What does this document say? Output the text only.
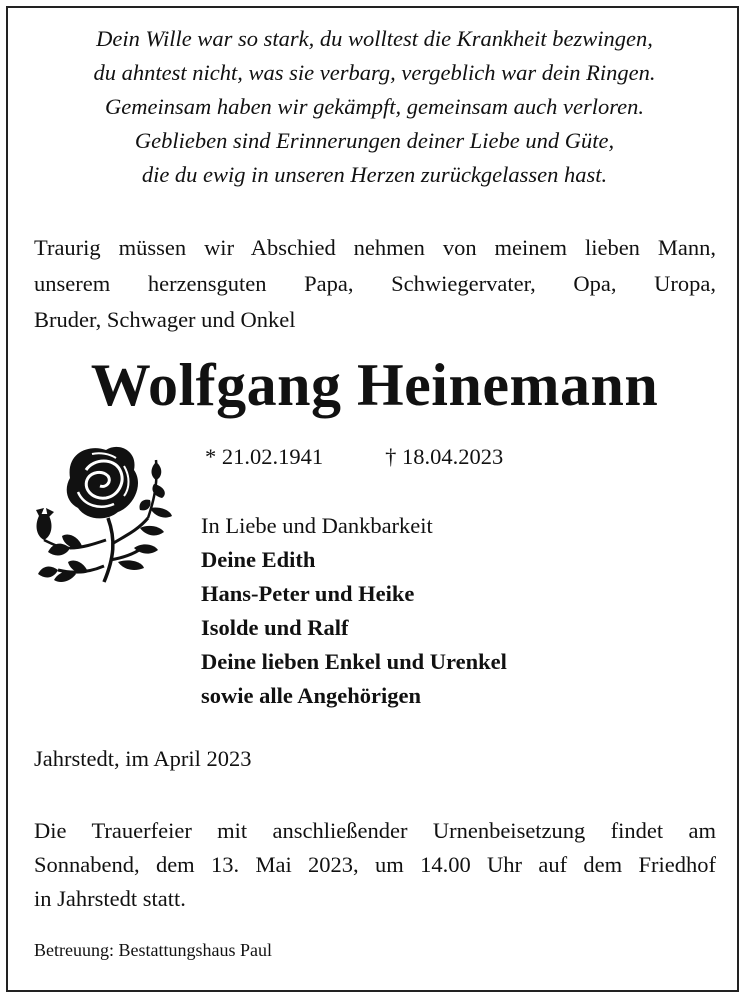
Dein Wille war so stark, du wolltest die Krankheit bezwingen,
du ahntest nicht, was sie verbarg, vergeblich war dein Ringen.
Gemeinsam haben wir gekämpft, gemeinsam auch verloren.
Geblieben sind Erinnerungen deiner Liebe und Güte,
die du ewig in unseren Herzen zurückgelassen hast.
Traurig müssen wir Abschied nehmen von meinem lieben Mann,
unserem herzensguten Papa, Schwiegervater, Opa, Uropa,
Bruder, Schwager und Onkel
Wolfgang Heinemann
* 21.02.1941	† 18.04.2023
In Liebe und Dankbarkeit
Deine Edith
Hans-Peter und Heike
Isolde und Ralf
Deine lieben Enkel und Urenkel
sowie alle Angehörigen
Jahrstedt, im April 2023
Die Trauerfeier mit anschließender Urnenbeisetzung findet am
Sonnabend, dem 13. Mai 2023, um 14.00 Uhr auf dem Friedhof
in Jahrstedt statt.
Betreuung: Bestattungshaus Paul
